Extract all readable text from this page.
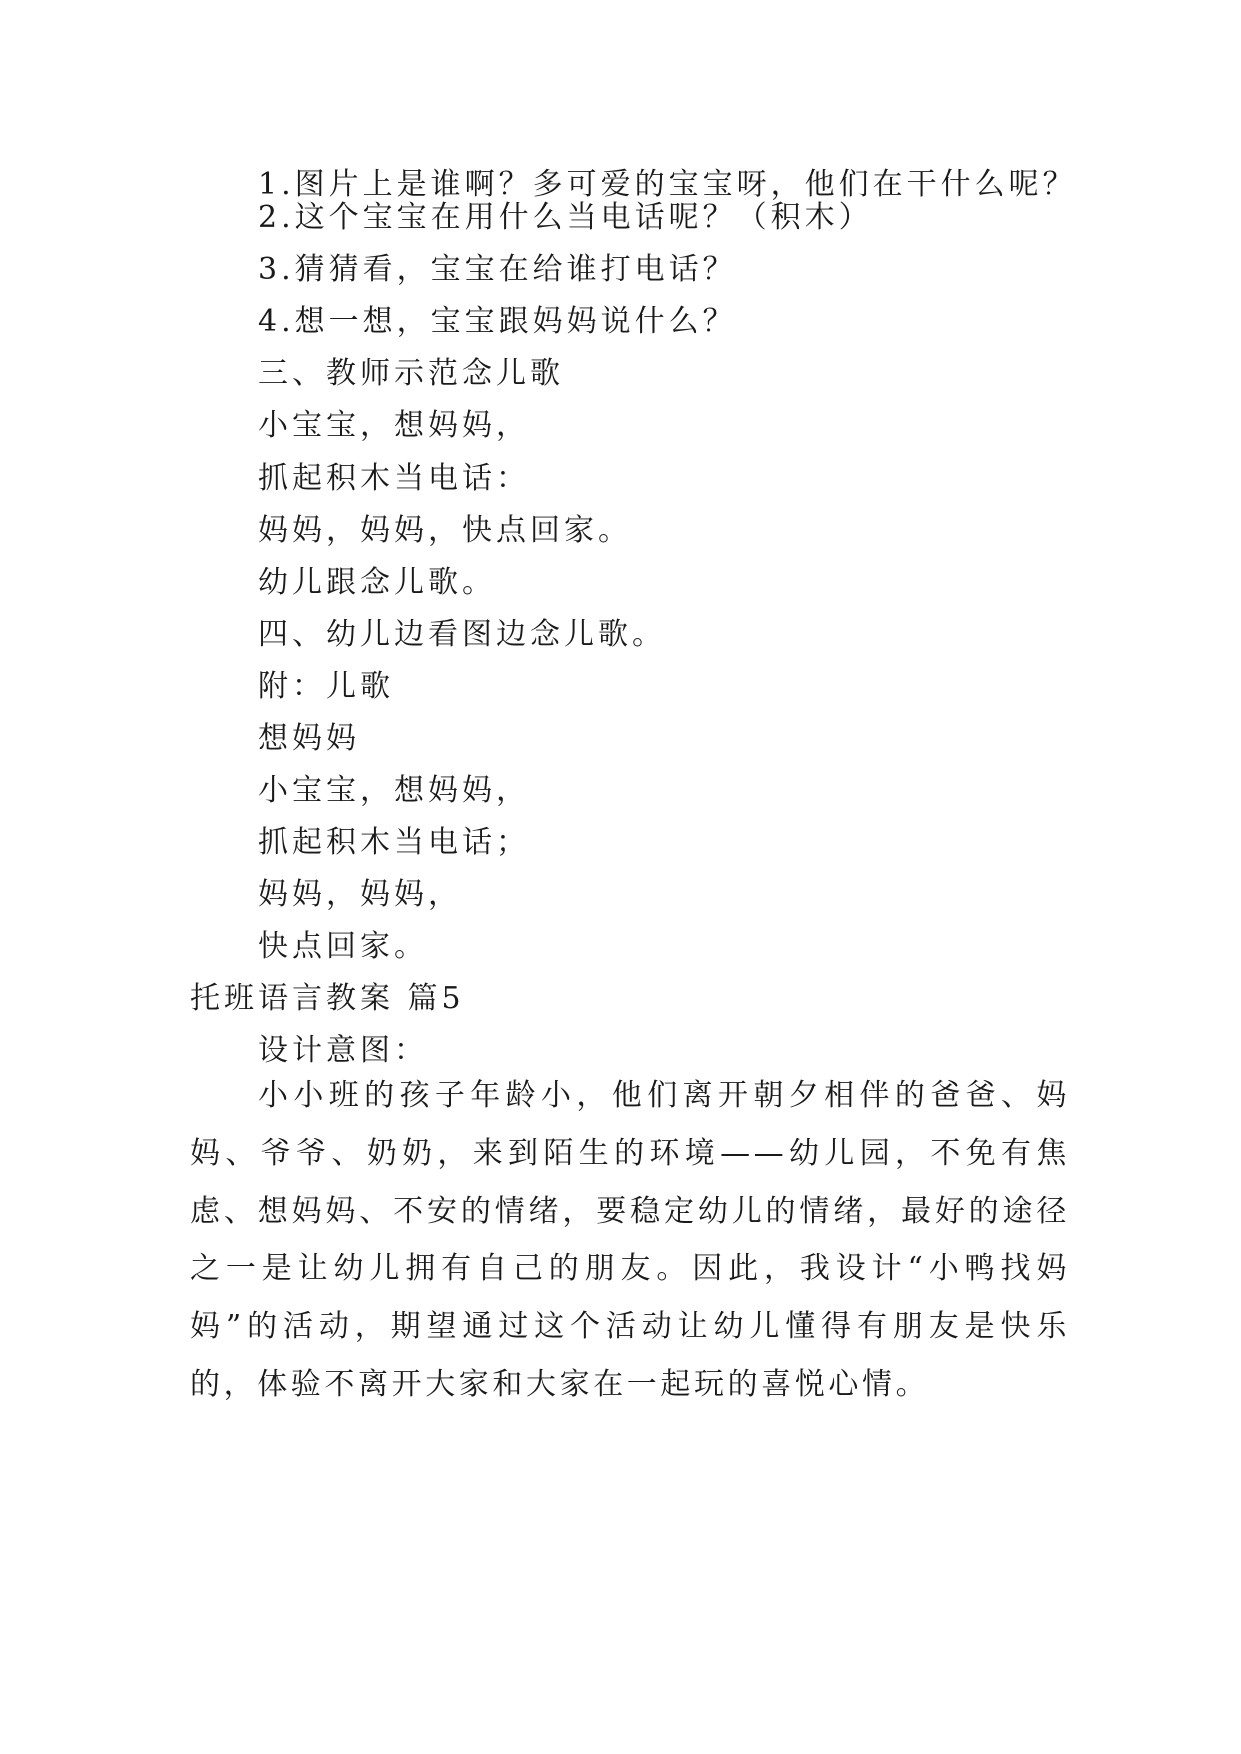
1.图片上是谁啊？多可爱的宝宝呀，他们在干什么呢？
2.这个宝宝在用什么当电话呢？（积木）
3.猜猜看，宝宝在给谁打电话？
4.想一想，宝宝跟妈妈说什么？
三、教师示范念儿歌
小宝宝，想妈妈，
抓起积木当电话：
妈妈，妈妈，快点回家。
幼儿跟念儿歌。
四、幼儿边看图边念儿歌。
附：儿歌
想妈妈
小宝宝，想妈妈，
抓起积木当电话；
妈妈，妈妈，
快点回家。
托班语言教案 篇5
设计意图：
小小班的孩子年龄小，他们离开朝夕相伴的爸爸、妈妈、爷爷、奶奶，来到陌生的环境——幼儿园，不免有焦虑、想妈妈、不安的情绪，要稳定幼儿的情绪，最好的途径之一是让幼儿拥有自己的朋友。因此，我设计“小鸭找妈妈”的活动，期望通过这个活动让幼儿懂得有朋友是快乐的，体验不离开大家和大家在一起玩的喜悦心情。
